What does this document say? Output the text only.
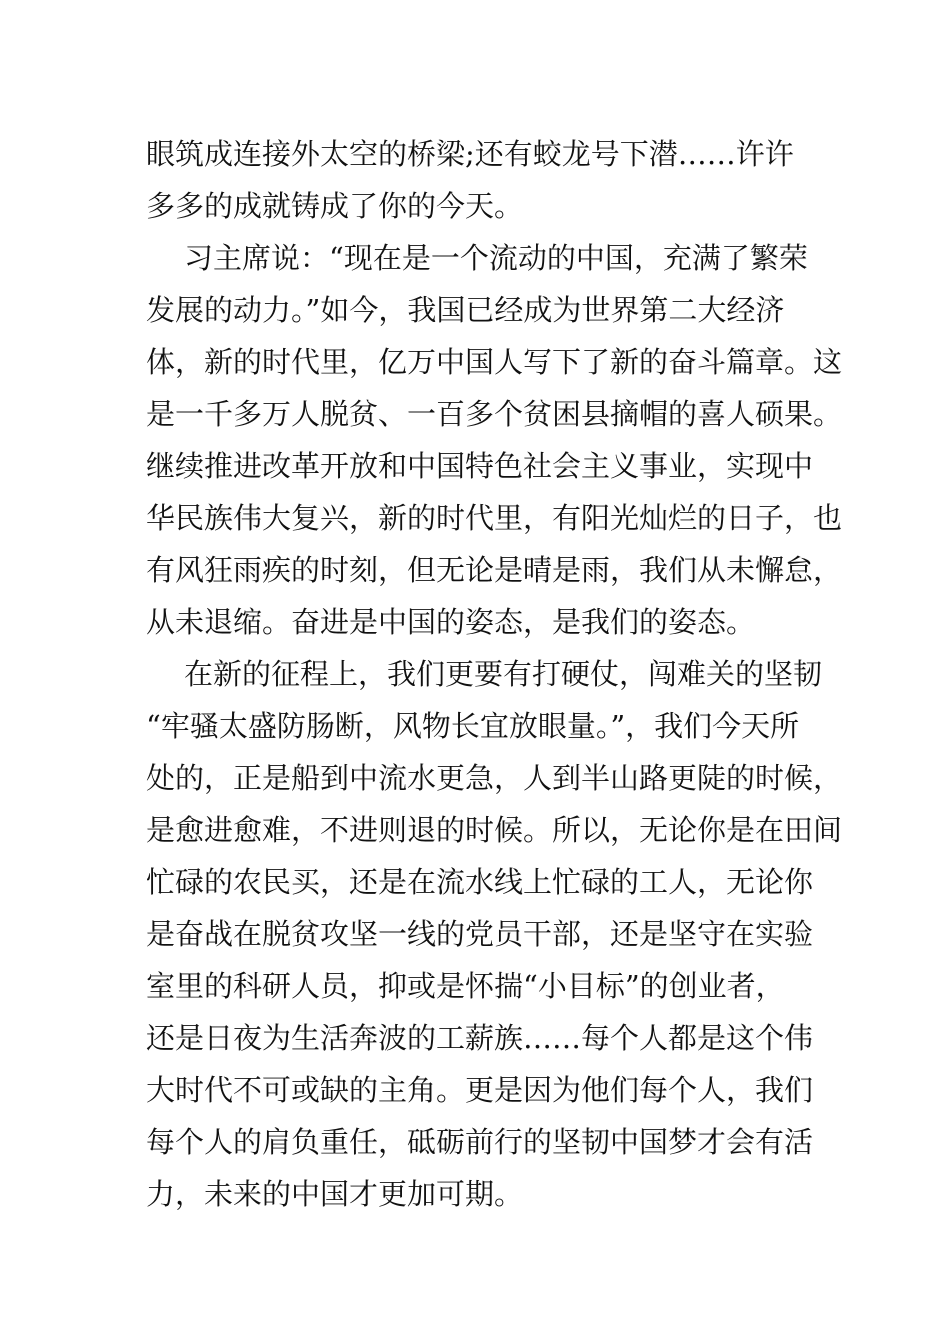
眼筑成连接外太空的桥梁;还有蛟龙号下潜……许许
多多的成就铸成了你的今天。
习主席说：“现在是一个流动的中国，充满了繁荣
发展的动力。”如今，我国已经成为世界第二大经济
体，新的时代里，亿万中国人写下了新的奋斗篇章。这
是一千多万人脱贫、一百多个贫困县摘帽的喜人硕果。
继续推进改革开放和中国特色社会主义事业，实现中
华民族伟大复兴，新的时代里，有阳光灿烂的日子，也
有风狂雨疾的时刻，但无论是晴是雨，我们从未懈怠，
从未退缩。奋进是中国的姿态，是我们的姿态。
在新的征程上，我们更要有打硬仗，闯难关的坚韧
“牢骚太盛防肠断，风物长宜放眼量。”，我们今天所
处的，正是船到中流水更急，人到半山路更陡的时候，
是愈进愈难，不进则退的时候。所以，无论你是在田间
忙碌的农民买，还是在流水线上忙碌的工人，无论你
是奋战在脱贫攻坚一线的党员干部，还是坚守在实验
室里的科研人员，抑或是怀揣“小目标”的创业者，
还是日夜为生活奔波的工薪族……每个人都是这个伟
大时代不可或缺的主角。更是因为他们每个人，我们
每个人的肩负重任，砥砺前行的坚韧中国梦才会有活
力，未来的中国才更加可期。
